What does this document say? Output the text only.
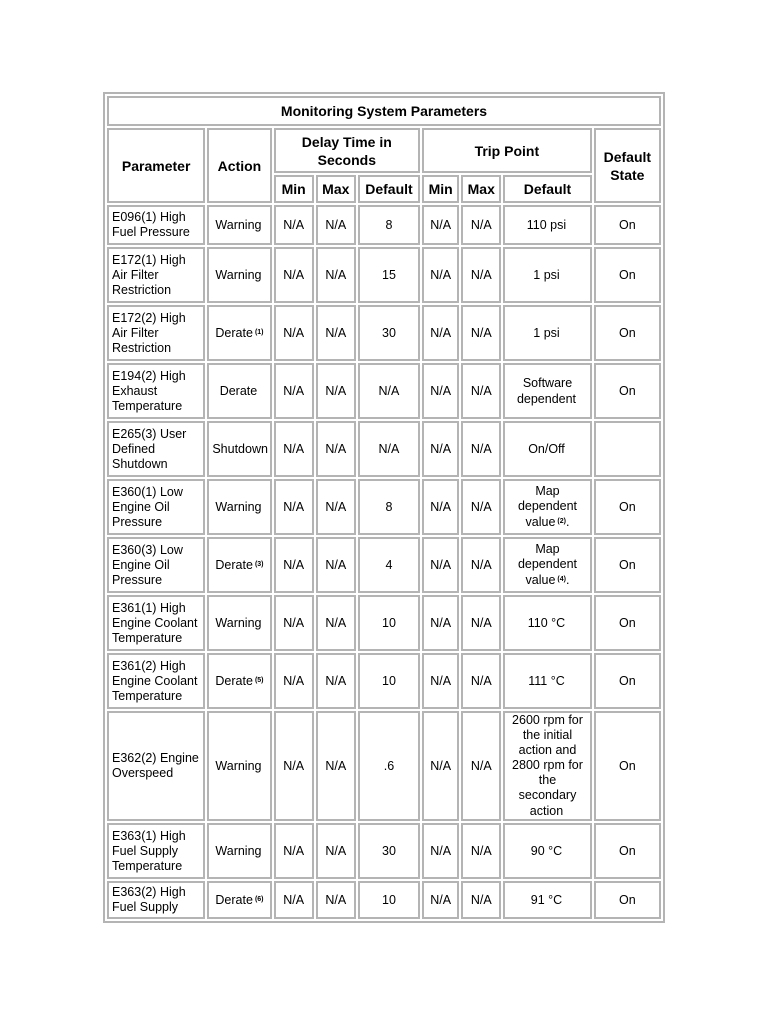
Monitoring System Parameters								
Parameter	Action	Delay Time in Seconds			Trip Point			Default State
		Min	Max	Default	Min	Max	Default	
E096(1) High Fuel Pressure	Warning	N/A	N/A	8	N/A	N/A	110 psi	On
E172(1) High Air Filter Restriction	Warning	N/A	N/A	15	N/A	N/A	1 psi	On
E172(2) High Air Filter Restriction	Derate $^{(1)}$	N/A	N/A	30	N/A	N/A	1 psi	On
E194(2) High Exhaust Temperature	Derate	N/A	N/A	N/A	N/A	N/A	Software dependent	On
E265(3) User Defined Shutdown	Shutdown	N/A	N/A	N/A	N/A	N/A	On/Off	
E360(1) Low Engine Oil Pressure	Warning	N/A	N/A	8	N/A	N/A	Map dependent value $^{(2)}$.	On
E360(3) Low Engine Oil Pressure	Derate $^{(3)}$	N/A	N/A	4	N/A	N/A	Map dependent value $^{(4)}$.	On
E361(1) High Engine Coolant Temperature	Warning	N/A	N/A	10	N/A	N/A	110 °C	On
E361(2) High Engine Coolant Temperature	Derate $^{(5)}$	N/A	N/A	10	N/A	N/A	111 °C	On
E362(2) Engine Overspeed	Warning	N/A	N/A	.6	N/A	N/A	2600 rpm for the initial action and 2800 rpm for the secondary action	On
E363(1) High Fuel Supply Temperature	Warning	N/A	N/A	30	N/A	N/A	90 °C	On
E363(2) High Fuel Supply	Derate $^{(6)}$	N/A	N/A	10	N/A	N/A	91 °C	On
